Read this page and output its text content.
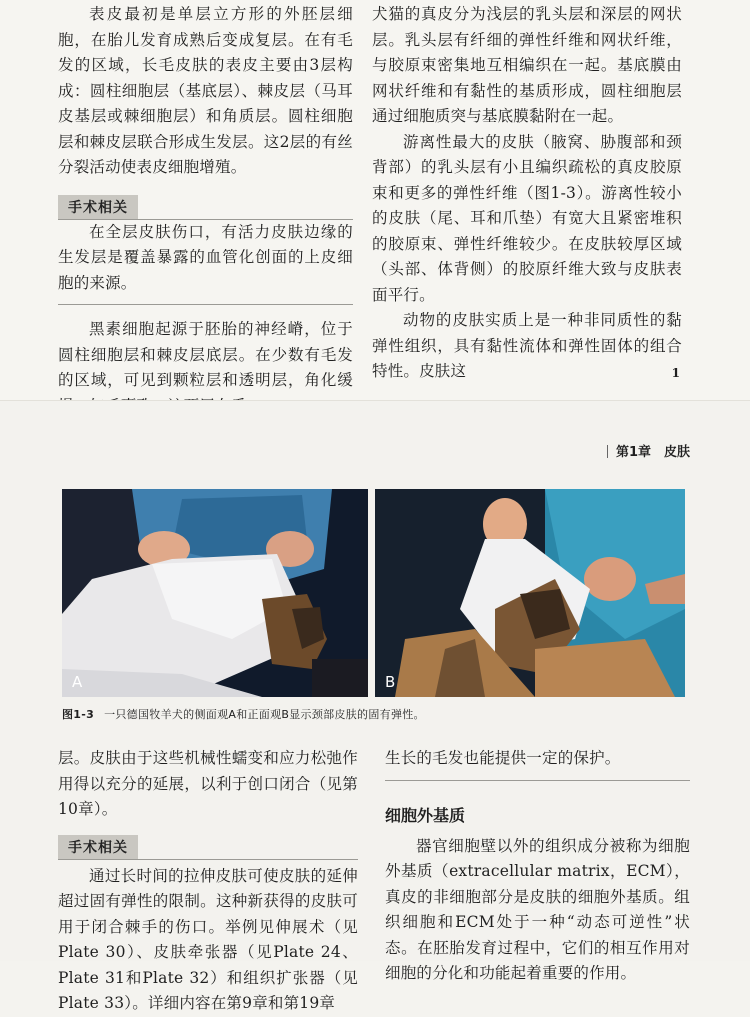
表皮最初是单层立方形的外胚层细胞，在胎儿发育成熟后变成复层。在有毛发的区域，长毛皮肤的表皮主要由3层构成：圆柱细胞层（基底层）、棘皮层（马耳皮基层或棘细胞层）和角质层。圆柱细胞层和棘皮层联合形成生发层。这2层的有丝分裂活动使表皮细胞增殖。

手术相关

在全层皮肤伤口，有活力皮肤边缘的生发层是覆盖暴露的血管化创面的上皮细胞的来源。

黑素细胞起源于胚胎的神经嵴，位于圆柱细胞层和棘皮层底层。在少数有毛发的区域，可见到颗粒层和透明层，角化缓

犬猫的真皮分为浅层的乳头层和深层的网状层。乳头层有纤细的弹性纤维和网状纤维，与胶原束密集地互相编织在一起。基底膜由网状纤维和有黏性的基质形成，圆柱细胞层通过细胞质突与基底膜黏附在一起。

游离性最大的皮肤（腋窝、胁腹部和颈背部）的乳头层有小且编织疏松的真皮胶原束和更多的弹性纤维（图1-3）。游离性较小的皮肤（尾、耳和爪垫）有宽大且紧密堆积的胶原束、弹性纤维较少。在皮肤较厚区域（头部、体背侧）的胶原纤维大致与皮肤表面平行。

动物的皮肤实质上是一种非同质性的黏弹性组织，具有黏性流体和弹性固体的组合特性。皮肤这	1
第1章　皮肤
A	B
图1-3 一只德国牧羊犬的侧面观A和正面观B显示颈部皮肤的固有弹性。

层。皮肤由于这些机械性蠕变和应力松弛作用得以充分的延展，以利于创口闭合（见第10章）。

手术相关

通过长时间的拉伸皮肤可使皮肤的延伸超过固有弹性的限制。这种新获得的皮肤可用于闭合棘手的伤口。举例见伸展术（见Plate 30）、皮肤牵张器（见Plate 24、Plate 31和Plate 32）和组织扩张器（见Plate 33）。详细内容在第9章和第19章

生长的毛发也能提供一定的保护。

细胞外基质

器官细胞壁以外的组织成分被称为细胞外基质（extracellular matrix，ECM），真皮的非细胞部分是皮肤的细胞外基质。组织细胞和ECM处于一种“动态可逆性”状态。在胚胎发育过程中，它们的相互作用对细胞的分化和功能起着重要的作用。
